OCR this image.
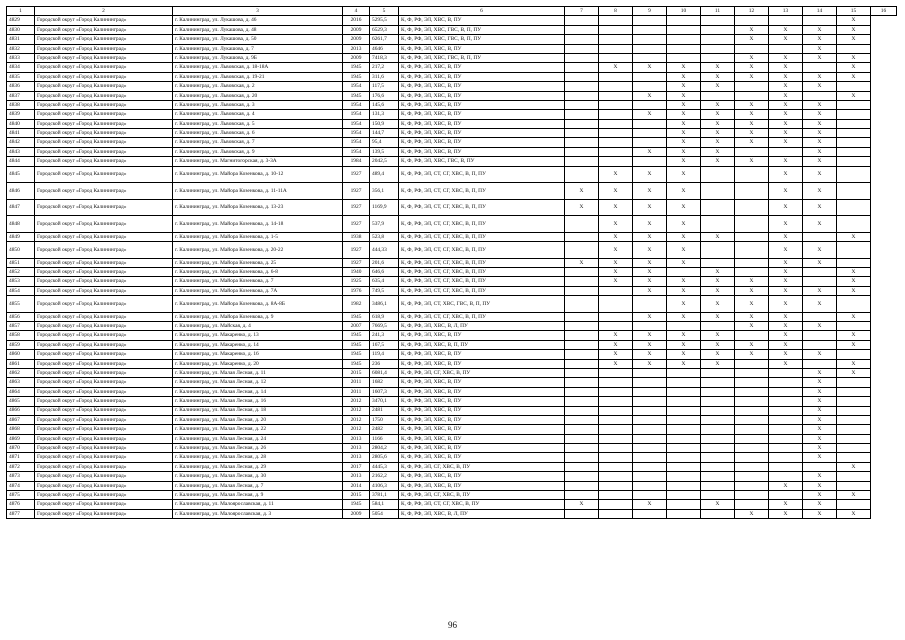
1	2	3	4	5	6	7	8	9	10	11	12	13	14	15	16
4829	Городской округ «Город Калининград»	г. Калининград, ул. Лукашова, д. 46	2016	5295,5	К, Ф, РФ, ЭЛ, ХВС, В, ПУ									X	
4830	Городской округ «Город Калининград»	г. Калининград, ул. Лукашова, д. 48	2009	6529,3	К, Ф, РФ, ЭЛ, ХВС, ГВС, В, П, ПУ						X	X	X	X	
4831	Городской округ «Город Калининград»	г. Калининград, ул. Лукашова, д. 50	2009	6261,7	К, Ф, РФ, ЭЛ, ХВС, ГВС, В, П, ПУ						X	X	X	X	
4832	Городской округ «Город Калининград»	г. Калининград, ул. Лукашова, д. 7	2013	4646	К, Ф, РФ, ЭЛ, ХВС, В, ПУ								X		
4833	Городской округ «Город Калининград»	г. Калининград, ул. Лукашова, д. 9Б	2009	7418,3	К, Ф, РФ, ЭЛ, ХВС, ГВС, В, П, ПУ						X	X	X	X	
4834	Городской округ «Город Калининград»	г. Калининград, ул. Львовская, д. 18-18А	1945	217,2	К, Ф, РФ, ЭЛ, ХВС, В, ПУ		X	X	X	X	X	X		X	
4835	Городской округ «Город Калининград»	г. Калининград, ул. Львовская, д. 19-21	1945	311,6	К, Ф, РФ, ЭЛ, ХВС, В, ПУ				X	X	X	X	X	X	
4836	Городской округ «Город Калининград»	г. Калининград, ул. Львовская, д. 2	1954	117,5	К, Ф, РФ, ЭЛ, ХВС, В, ПУ				X	X		X	X		
4837	Городской округ «Город Калининград»	г. Калининград, ул. Львовская, д. 20	1945	176,6	К, Ф, РФ, ЭЛ, ХВС, В, ПУ			X	X			X		X	
4838	Городской округ «Город Калининград»	г. Калининград, ул. Львовская, д. 3	1954	145,6	К, Ф, РФ, ЭЛ, ХВС, В, ПУ				X	X	X	X	X		
4839	Городской округ «Город Калининград»	г. Калининград, ул. Львовская, д. 4	1954	131,3	К, Ф, РФ, ЭЛ, ХВС, В, ПУ			X	X	X	X	X	X		
4840	Городской округ «Город Калининград»	г. Калининград, ул. Львовская, д. 5	1954	150,9	К, Ф, РФ, ЭЛ, ХВС, В, ПУ				X	X	X	X	X		
4841	Городской округ «Город Калининград»	г. Калининград, ул. Львовская, д. 6	1954	144,7	К, Ф, РФ, ЭЛ, ХВС, В, ПУ				X	X	X	X	X		
4842	Городской округ «Город Калининград»	г. Калининград, ул. Львовская, д. 7	1954	95,4	К, Ф, РФ, ЭЛ, ХВС, В, ПУ				X	X	X	X	X		
4843	Городской округ «Город Калининград»	г. Калининград, ул. Львовская, д. 9	1954	139,5	К, Ф, РФ, ЭЛ, ХВС, В, ПУ			X	X	X			X		
4844	Городской округ «Город Калининград»	г. Калининград, ул. Магнитогорская, д. 3-3А	1984	2042,5	К, Ф, РФ, ЭЛ, ХВС, ГВС, В, ПУ				X	X	X	X	X		
4845	Городской округ «Город Калининград»	г. Калининград, ул. Майора Козенкова, д. 10-12	1927	489,4	К, Ф, РФ, ЭЛ, СТ, СГ, ХВС, В, П, ПУ		X	X	X			X	X		
4846	Городской округ «Город Калининград»	г. Калининград, ул. Майора Козенкова, д. 11-11А	1927	356,1	К, Ф, РФ, ЭЛ, СТ, СГ, ХВС, В, П, ПУ	X	X	X	X			X	X		
4847	Городской округ «Город Калининград»	г. Калининград, ул. Майора Козенкова, д. 13-23	1927	1169,9	К, Ф, РФ, ЭЛ, СТ, СГ, ХВС, В, П, ПУ	X	X	X	X			X	X		
4848	Городской округ «Город Калининград»	г. Калининград, ул. Майора Козенкова, д. 14-18	1927	537,9	К, Ф, РФ, ЭЛ, СТ, СГ, ХВС, В, П, ПУ		X	X	X			X	X		
4849	Городской округ «Город Калининград»	г. Калининград, ул. Майора Козенкова, д. 1-5	1938	523,8	К, Ф, РФ, ЭЛ, СТ, СГ, ХВС, В, П, ПУ		X	X	X	X		X		X	
4850	Городской округ «Город Калининград»	г. Калининград, ул. Майора Козенкова, д. 20-22	1927	444,33	К, Ф, РФ, ЭЛ, СТ, СГ, ХВС, В, П, ПУ		X	X	X			X	X		
4851	Городской округ «Город Калининград»	г. Калининград, ул. Майора Козенкова, д. 25	1927	201,6	К, Ф, РФ, ЭЛ, СТ, СГ, ХВС, В, П, ПУ	X	X	X	X			X	X		
4852	Городской округ «Город Калининград»	г. Калининград, ул. Майора Козенкова, д. 6-8	1940	646,6	К, Ф, РФ, ЭЛ, СТ, СГ, ХВС, В, П, ПУ		X	X		X		X		X	
4853	Городской округ «Город Калининград»	г. Калининград, ул. Майора Козенкова, д. 7	1925	635,4	К, Ф, РФ, ЭЛ, СТ, СГ, ХВС, В, П, ПУ		X	X	X	X	X	X		X	
4854	Городской округ «Город Калининград»	г. Калининград, ул. Майора Козенкова, д. 7А	1976	749,5	К, Ф, РФ, ЭЛ, СТ, СГ, ХВС, В, П, ПУ			X	X	X	X	X	X	X	
4855	Городской округ «Город Калининград»	г. Калининград, ул. Майора Козенкова, д. 8А-8Б	1982	3486,1	К, Ф, РФ, ЭЛ, СТ, ХВС, ГВС, В, П, ПУ				X	X	X	X	X		
4856	Городской округ «Город Калининград»	г. Калининград, ул. Майора Козенкова, д. 9	1945	618,9	К, Ф, РФ, ЭЛ, СТ, СГ, ХВС, В, П, ПУ			X	X	X	X	X		X	
4857	Городской округ «Город Калининград»	г. Калининград, ул. Майская, д. 4	2007	7669,5	К, Ф, РФ, ЭЛ, ХВС, В, Л, ПУ						X	X	X		
4858	Городской округ «Город Калининград»	г. Калининград, ул. Макаренко, д. 13	1945	241,3	К, Ф, РФ, ЭЛ, ХВС, В, ПУ		X	X	X	X		X		X	
4859	Городской округ «Город Калининград»	г. Калининград, ул. Макаренко, д. 14	1945	167,5	К, Ф, РФ, ЭЛ, ХВС, В, П, ПУ		X	X	X	X	X	X		X	
4860	Городской округ «Город Калининград»	г. Калининград, ул. Макаренко, д. 16	1945	119,4	К, Ф, РФ, ЭЛ, ХВС, В, ПУ		X	X	X	X	X	X	X		
4861	Городской округ «Город Калининград»	г. Калининград, ул. Макаренко, д. 20	1945	236	К, Ф, РФ, ЭЛ, ХВС, В, ПУ		X	X	X	X		X		X	
4862	Городской округ «Город Калининград»	г. Калининград, ул. Малая Лесная, д. 11	2015	6081,4	К, Ф, РФ, ЭЛ, СГ, ХВС, В, ПУ								X	X	
4863	Городской округ «Город Калининград»	г. Калининград, ул. Малая Лесная, д. 12	2011	1682	К, Ф, РФ, ЭЛ, ХВС, В, ПУ								X		
4864	Городской округ «Город Калининград»	г. Калининград, ул. Малая Лесная, д. 14	2011	1607,3	К, Ф, РФ, ЭЛ, ХВС, В, ПУ								X		
4865	Городской округ «Город Калининград»	г. Калининград, ул. Малая Лесная, д. 16	2012	3470,1	К, Ф, РФ, ЭЛ, ХВС, В, ПУ								X		
4866	Городской округ «Город Калининград»	г. Калининград, ул. Малая Лесная, д. 18	2012	2481	К, Ф, РФ, ЭЛ, ХВС, В, ПУ								X		
4867	Городской округ «Город Калининград»	г. Калининград, ул. Малая Лесная, д. 20	2012	1750	К, Ф, РФ, ЭЛ, ХВС, В, ПУ								X		
4868	Городской округ «Город Калининград»	г. Калининград, ул. Малая Лесная, д. 22	2012	2482	К, Ф, РФ, ЭЛ, ХВС, В, ПУ								X		
4869	Городской округ «Город Калининград»	г. Калининград, ул. Малая Лесная, д. 24	2013	1166	К, Ф, РФ, ЭЛ, ХВС, В, ПУ								X		
4870	Городской округ «Город Калининград»	г. Калининград, ул. Малая Лесная, д. 26	2013	2804,2	К, Ф, РФ, ЭЛ, ХВС, В, ПУ								X		
4871	Городской округ «Город Калининград»	г. Калининград, ул. Малая Лесная, д. 28	2013	2805,6	К, Ф, РФ, ЭЛ, ХВС, В, ПУ								X		
4872	Городской округ «Город Калининград»	г. Калининград, ул. Малая Лесная, д. 29	2017	4445,3	К, Ф, РФ, ЭЛ, СГ, ХВС, В, ПУ									X	
4873	Городской округ «Город Калининград»	г. Калининград, ул. Малая Лесная, д. 30	2013	2162,2	К, Ф, РФ, ЭЛ, ХВС, В, ПУ								X		
4874	Городской округ «Город Калининград»	г. Калининград, ул. Малая Лесная, д. 7	2014	4106,3	К, Ф, РФ, ЭЛ, ХВС, В, ПУ							X	X		
4875	Городской округ «Город Калининград»	г. Калининград, ул. Малая Лесная, д. 9	2015	3781,1	К, Ф, РФ, ЭЛ, СГ, ХВС, В, ПУ								X	X	
4876	Городской округ «Город Калининград»	г. Калининград, ул. Малоярославская, д. 11	1945	584,1	К, Ф, РФ, ЭЛ, СТ, СГ, ХВС, В, ПУ	X		X		X		X	X		
4877	Городской округ «Город Калининград»	г. Калининград, ул. Малоярославская, д. 3	2009	5054	К, Ф, РФ, ЭЛ, ХВС, В, Л, ПУ						X	X	X	X	
96
